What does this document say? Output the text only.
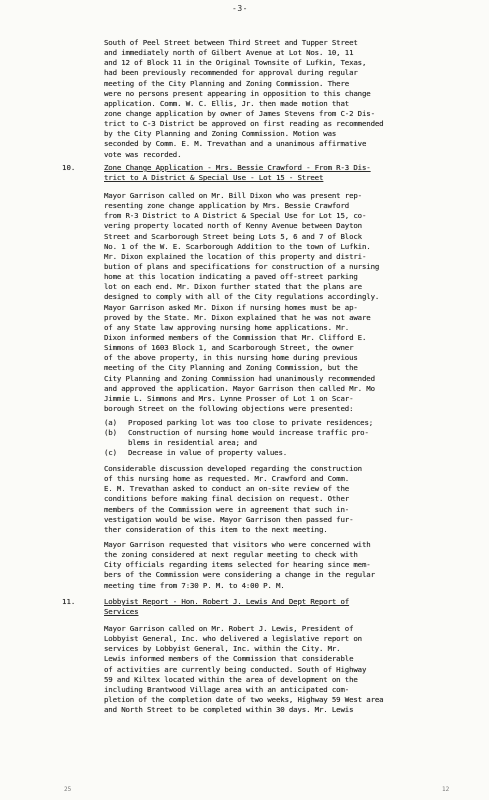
-3-
South of Peel Street between Third Street and Tupper Street
and immediately north of Gilbert Avenue at Lot Nos. 10, 11
and 12 of Block 11 in the Original Townsite of Lufkin, Texas,
had been previously recommended for approval during regular
meeting of the City Planning and Zoning Commission. There
were no persons present appearing in opposition to this change
application. Comm. W. C. Ellis, Jr. then made motion that
zone change application by owner of James Stevens from C-2 Dis-
trict to C-3 District be approved on first reading as recommended
by the City Planning and Zoning Commission. Motion was
seconded by Comm. E. M. Trevathan and a unanimous affirmative
vote was recorded.
10.	Zone Change Application - Mrs. Bessie Crawford - From R-3 Dis-
trict to A District & Special Use - Lot 15 - Street
Mayor Garrison called on Mr. Bill Dixon who was present rep-
resenting zone change application by Mrs. Bessie Crawford
from R-3 District to A District & Special Use for Lot 15, co-
vering property located north of Kenny Avenue between Dayton
Street and Scarborough Street being Lots 5, 6 and 7 of Block
No. 1 of the W. E. Scarborough Addition to the town of Lufkin.
Mr. Dixon explained the location of this property and distri-
bution of plans and specifications for construction of a nursing
home at this location indicating a paved off-street parking
lot on each end. Mr. Dixon further stated that the plans are
designed to comply with all of the City regulations accordingly.
Mayor Garrison asked Mr. Dixon if nursing homes must be ap-
proved by the State. Mr. Dixon explained that he was not aware
of any State law approving nursing home applications. Mr.
Dixon informed members of the Commission that Mr. Clifford E.
Simmons of 1603 Block 1, and Scarborough Street, the owner
of the above property, in this nursing home during previous
meeting of the City Planning and Zoning Commission, but the
City Planning and Zoning Commission had unanimously recommended
and approved the application. Mayor Garrison then called Mr. Mo
Jimmie L. Simmons and Mrs. Lynne Prosser of Lot 1 on Scar-
borough Street on the following objections were presented:
(a)	Proposed parking lot was too close to private residences;
(b)	Construction of nursing home would increase traffic pro-
blems in residential area; and
(c)	Decrease in value of property values.
Considerable discussion developed regarding the construction
of this nursing home as requested. Mr. Crawford and Comm.
E. M. Trevathan asked to conduct an on-site review of the
conditions before making final decision on request. Other
members of the Commission were in agreement that such in-
vestigation would be wise. Mayor Garrison then passed fur-
ther consideration of this item to the next meeting.
Mayor Garrison requested that visitors who were concerned with
the zoning considered at next regular meeting to check with
City officials regarding items selected for hearing since mem-
bers of the Commission were considering a change in the regular
meeting time from 7:30 P. M. to 4:00 P. M.
11.	Lobbyist Report - Hon. Robert J. Lewis And Dept Report of
Services
Mayor Garrison called on Mr. Robert J. Lewis, President of
Lobbyist General, Inc. who delivered a legislative report on
services by Lobbyist General, Inc. within the City. Mr.
Lewis informed members of the Commission that considerable
of activities are currently being conducted. South of Highway
59 and Kiltex located within the area of development on the
including Brantwood Village area with an anticipated com-
pletion of the completion date of two weeks, Highway 59 West area
and North Street to be completed within 30 days. Mr. Lewis
25	12
